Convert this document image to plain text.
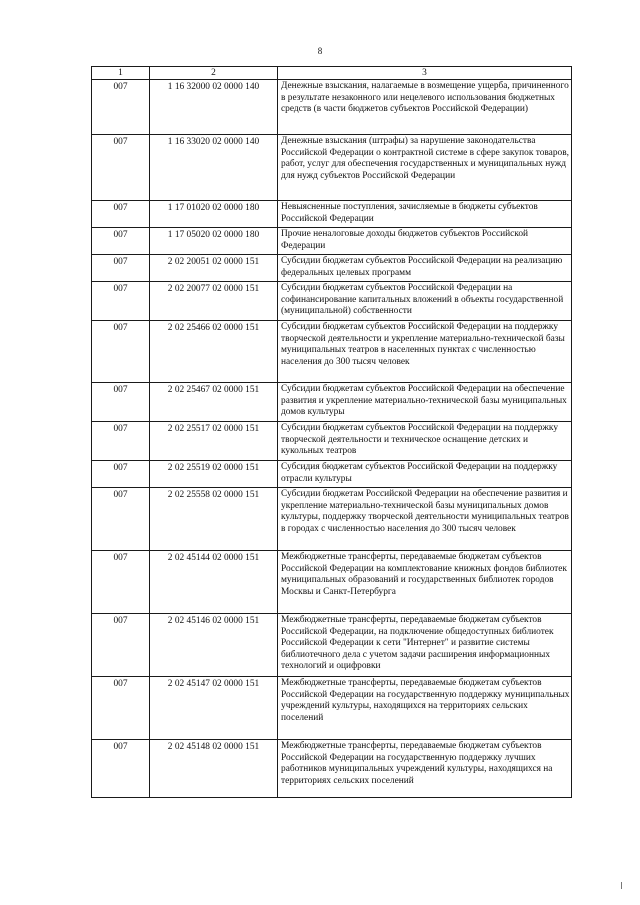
8
1	2	3
007	1 16 32000 02 0000 140	Денежные взыскания, налагаемые в возмещение ущерба, причиненного в результате незаконного или нецелевого использования бюджетных средств (в части бюджетов субъектов Российской Федерации)
007	1 16 33020 02 0000 140	Денежные взыскания (штрафы) за нарушение законодательства Российской Федерации о контрактной системе в сфере закупок товаров, работ, услуг для обеспечения государственных и муниципальных нужд для нужд субъектов Российской Федерации
007	1 17 01020 02 0000 180	Невыясненные поступления, зачисляемые в бюджеты субъектов Российской Федерации
007	1 17 05020 02 0000 180	Прочие неналоговые доходы бюджетов субъектов Российской Федерации
007	2 02 20051 02 0000 151	Субсидии бюджетам субъектов Российской Федерации на реализацию федеральных целевых программ
007	2 02 20077 02 0000 151	Субсидии бюджетам субъектов Российской Федерации на софинансирование капитальных вложений в объекты государственной (муниципальной) собственности
007	2 02 25466 02 0000 151	Субсидии бюджетам субъектов Российской Федерации на поддержку творческой деятельности и укрепление материально-технической базы муниципальных театров в населенных пунктах с численностью населения до 300 тысяч человек
007	2 02 25467 02 0000 151	Субсидии бюджетам субъектов Российской Федерации на обеспечение развития и укрепление материально-технической базы муниципальных домов культуры
007	2 02 25517 02 0000 151	Субсидии бюджетам субъектов Российской Федерации на поддержку творческой деятельности и техническое оснащение детских и кукольных театров
007	2 02 25519 02 0000 151	Субсидия бюджетам субъектов Российской Федерации на поддержку отрасли культуры
007	2 02 25558 02 0000 151	Субсидии бюджетам Российской Федерации на обеспечение развития и укрепление материально-технической базы муниципальных домов культуры, поддержку творческой деятельности муниципальных театров в городах с численностью населения до 300 тысяч человек
007	2 02 45144 02 0000 151	Межбюджетные трансферты, передаваемые бюджетам субъектов Российской Федерации на комплектование книжных фондов библиотек муниципальных образований и государственных библиотек городов Москвы и Санкт-Петербурга
007	2 02 45146 02 0000 151	Межбюджетные трансферты, передаваемые бюджетам субъектов Российской Федерации, на подключение общедоступных библиотек Российской Федерации к сети "Интернет" и развитие системы библиотечного дела с учетом задачи расширения информационных технологий и оцифровки
007	2 02 45147 02 0000 151	Межбюджетные трансферты, передаваемые бюджетам субъектов Российской Федерации на государственную поддержку муниципальных учреждений культуры, находящихся на территориях сельских поселений
007	2 02 45148 02 0000 151	Межбюджетные трансферты, передаваемые бюджетам субъектов Российской Федерации на государственную поддержку лучших работников муниципальных учреждений культуры, находящихся на территориях сельских поселений
